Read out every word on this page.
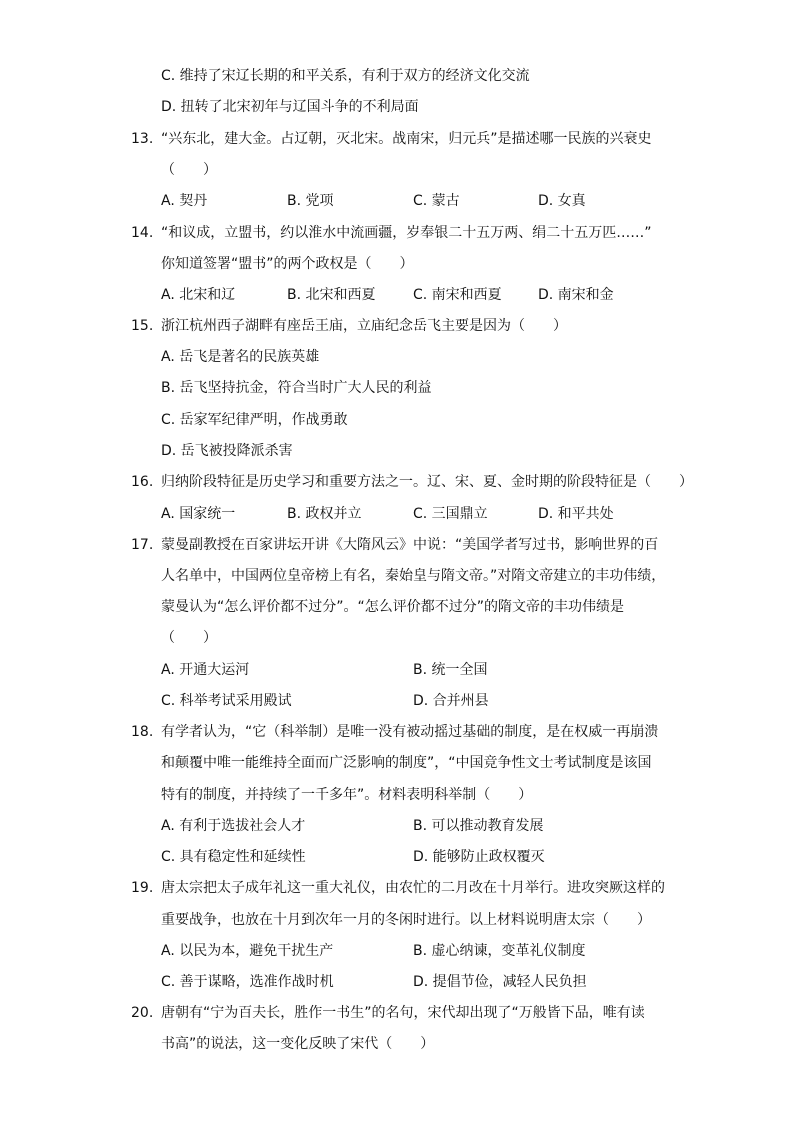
C. 维持了宋辽长期的和平关系，有利于双方的经济文化交流
D. 扭转了北宋初年与辽国斗争的不利局面
13. “兴东北，建大金。占辽朝，灭北宋。战南宋，归元兵”是描述哪一民族的兴衰史
（　　）
A. 契丹	B. 党项	C. 蒙古	D. 女真
14. “和议成，立盟书，约以淮水中流画疆，岁奉银二十五万两、绢二十五万匹……”
你知道签署“盟书”的两个政权是（　　）
A. 北宋和辽	B. 北宋和西夏	C. 南宋和西夏	D. 南宋和金
15. 浙江杭州西子湖畔有座岳王庙，立庙纪念岳飞主要是因为（　　）
A. 岳飞是著名的民族英雄
B. 岳飞坚持抗金，符合当时广大人民的利益
C. 岳家军纪律严明，作战勇敢
D. 岳飞被投降派杀害
16. 归纳阶段特征是历史学习和重要方法之一。辽、宋、夏、金时期的阶段特征是（　　）
A. 国家统一	B. 政权并立	C. 三国鼎立	D. 和平共处
17. 蒙曼副教授在百家讲坛开讲《大隋风云》中说：“美国学者写过书，影响世界的百
人名单中，中国两位皇帝榜上有名，秦始皇与隋文帝。”对隋文帝建立的丰功伟绩，
蒙曼认为“怎么评价都不过分”。“怎么评价都不过分”的隋文帝的丰功伟绩是
（　　）
A. 开通大运河	B. 统一全国
C. 科举考试采用殿试	D. 合并州县
18. 有学者认为，“它（科举制）是唯一没有被动摇过基础的制度，是在权威一再崩溃
和颠覆中唯一能维持全面而广泛影响的制度”，“中国竞争性文士考试制度是该国
特有的制度，并持续了一千多年”。材料表明科举制（　　）
A. 有利于选拔社会人才	B. 可以推动教育发展
C. 具有稳定性和延续性	D. 能够防止政权覆灭
19. 唐太宗把太子成年礼这一重大礼仪，由农忙的二月改在十月举行。进攻突厥这样的
重要战争，也放在十月到次年一月的冬闲时进行。以上材料说明唐太宗（　　）
A. 以民为本，避免干扰生产	B. 虚心纳谏，变革礼仪制度
C. 善于谋略，选准作战时机	D. 提倡节俭，减轻人民负担
20. 唐朝有“宁为百夫长，胜作一书生”的名句，宋代却出现了“万般皆下品，唯有读
书高”的说法，这一变化反映了宋代（　　）
